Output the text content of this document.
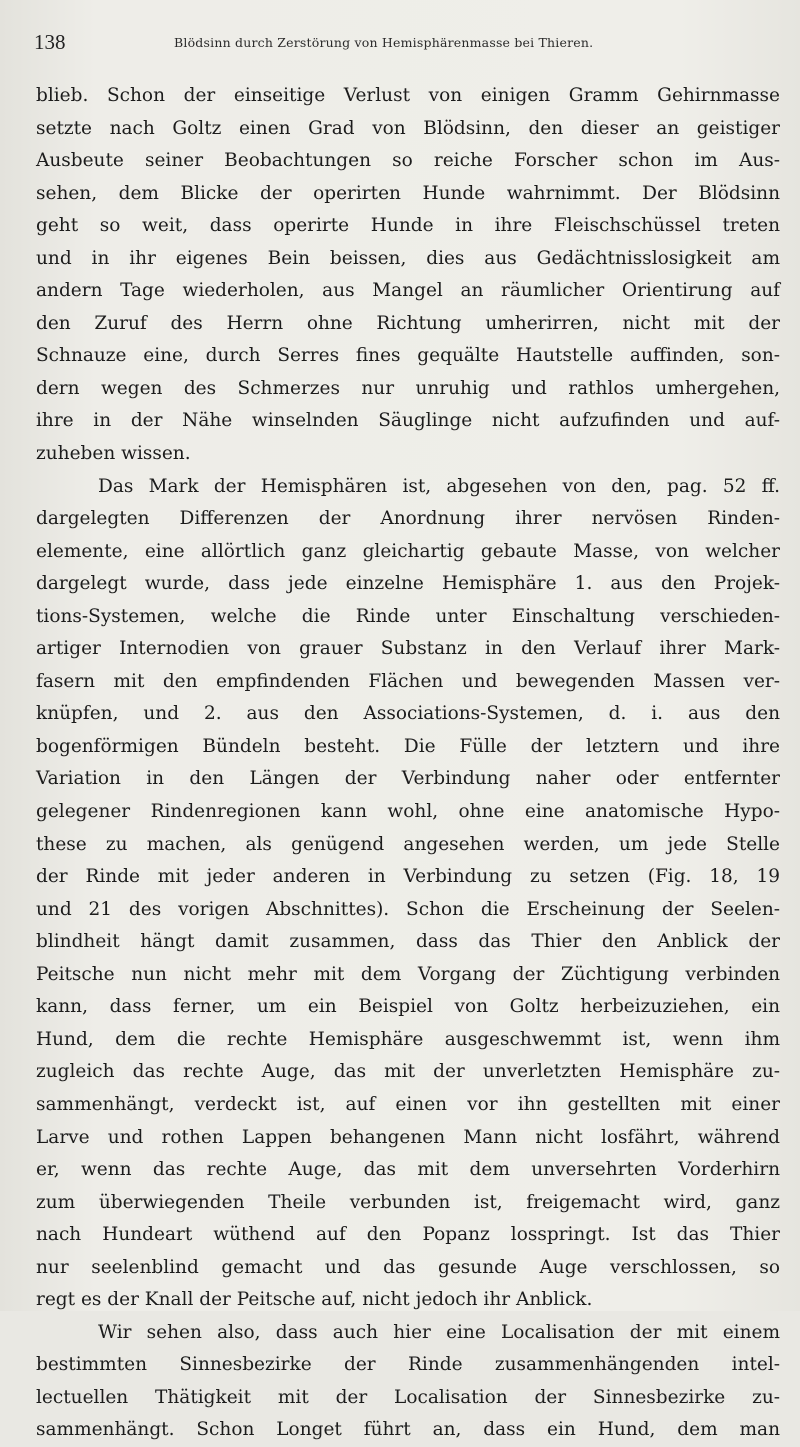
138	Blödsinn durch Zerstörung von Hemisphärenmasse bei Thieren.
blieb. Schon der einseitige Verlust von einigen Gramm Gehirnmasse
setzte nach Goltz einen Grad von Blödsinn, den dieser an geistiger
Ausbeute seiner Beobachtungen so reiche Forscher schon im Aus-
sehen, dem Blicke der operirten Hunde wahrnimmt. Der Blödsinn
geht so weit, dass operirte Hunde in ihre Fleischschüssel treten
und in ihr eigenes Bein beissen, dies aus Gedächtnisslosigkeit am
andern Tage wiederholen, aus Mangel an räumlicher Orientirung auf
den Zuruf des Herrn ohne Richtung umherirren, nicht mit der
Schnauze eine, durch Serres fines gequälte Hautstelle auffinden, son-
dern wegen des Schmerzes nur unruhig und rathlos umhergehen,
ihre in der Nähe winselnden Säuglinge nicht aufzufinden und auf-
zuheben wissen.
Das Mark der Hemisphären ist, abgesehen von den, pag. 52 ff.
dargelegten Differenzen der Anordnung ihrer nervösen Rinden-
elemente, eine allörtlich ganz gleichartig gebaute Masse, von welcher
dargelegt wurde, dass jede einzelne Hemisphäre 1. aus den Projek-
tions-Systemen, welche die Rinde unter Einschaltung verschieden-
artiger Internodien von grauer Substanz in den Verlauf ihrer Mark-
fasern mit den empfindenden Flächen und bewegenden Massen ver-
knüpfen, und 2. aus den Associations-Systemen, d. i. aus den
bogenförmigen Bündeln besteht. Die Fülle der letztern und ihre
Variation in den Längen der Verbindung naher oder entfernter
gelegener Rindenregionen kann wohl, ohne eine anatomische Hypo-
these zu machen, als genügend angesehen werden, um jede Stelle
der Rinde mit jeder anderen in Verbindung zu setzen (Fig. 18, 19
und 21 des vorigen Abschnittes). Schon die Erscheinung der Seelen-
blindheit hängt damit zusammen, dass das Thier den Anblick der
Peitsche nun nicht mehr mit dem Vorgang der Züchtigung verbinden
kann, dass ferner, um ein Beispiel von Goltz herbeizuziehen, ein
Hund, dem die rechte Hemisphäre ausgeschwemmt ist, wenn ihm
zugleich das rechte Auge, das mit der unverletzten Hemisphäre zu-
sammenhängt, verdeckt ist, auf einen vor ihn gestellten mit einer
Larve und rothen Lappen behangenen Mann nicht losfährt, während
er, wenn das rechte Auge, das mit dem unversehrten Vorderhirn
zum überwiegenden Theile verbunden ist, freigemacht wird, ganz
nach Hundeart wüthend auf den Popanz losspringt. Ist das Thier
nur seelenblind gemacht und das gesunde Auge verschlossen, so
regt es der Knall der Peitsche auf, nicht jedoch ihr Anblick.
Wir sehen also, dass auch hier eine Localisation der mit einem
bestimmten Sinnesbezirke der Rinde zusammenhängenden intel-
lectuellen Thätigkeit mit der Localisation der Sinnesbezirke zu-
sammenhängt. Schon Longet führt an, dass ein Hund, dem man
